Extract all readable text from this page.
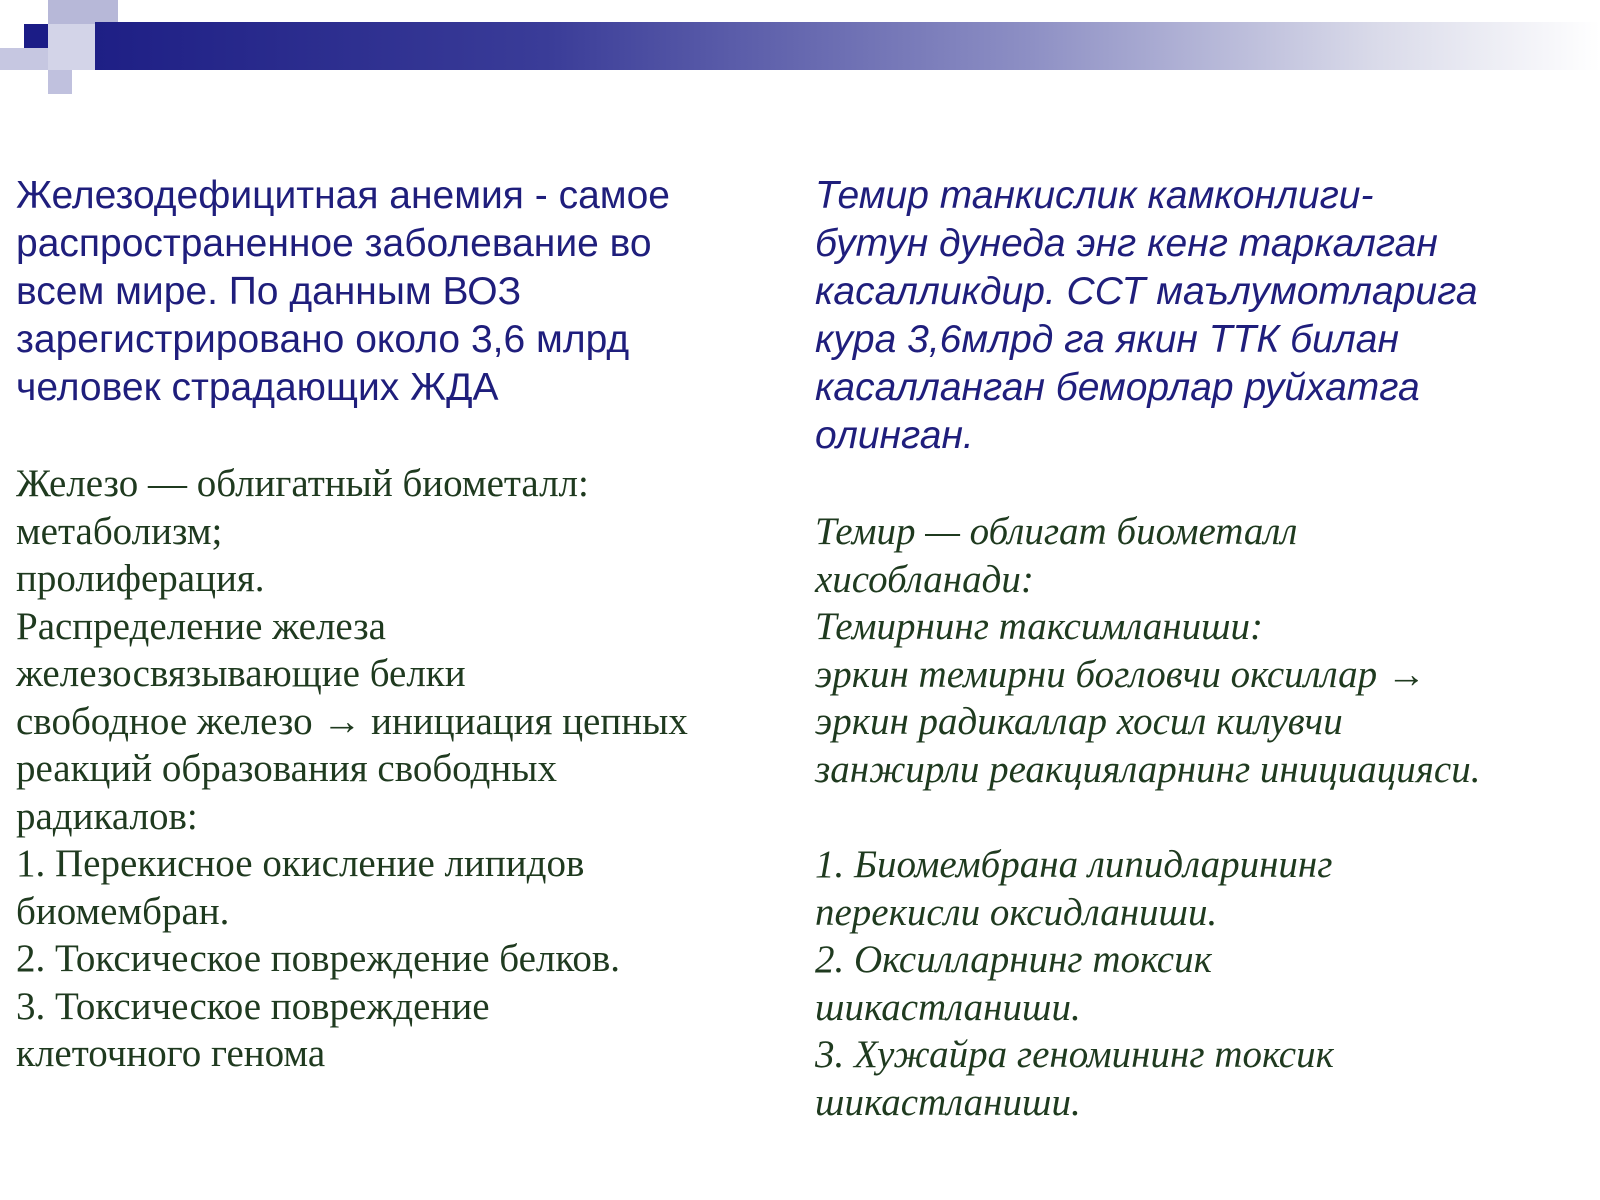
Железодефицитная анемия - самое
распространенное заболевание во
всем мире. По данным ВОЗ
зарегистрировано около 3,6 млрд
человек страдающих ЖДА

Железо — облигатный биометалл:
метаболизм;
пролиферация.
Распределение железа
железосвязывающие белки
свободное железо → инициация цепных
реакций образования свободных
радикалов:
1. Перекисное окисление липидов
биомембран.
2. Токсическое повреждение белков.
3. Токсическое повреждение
клеточного генома

Темир танкислик камконлиги-
бутун дунеда энг кенг таркалган
касалликдир. ССТ маълумотларига
кура 3,6млрд га якин ТТК билан
касалланган беморлар руйхатга
олинган.

Темир — облигат биометалл
хисобланади:
Темирнинг таксимланиши:
эркин темирни богловчи оксиллар →
эркин радикаллар хосил килувчи
занжирли реакцияларнинг инициацияси.

1. Биомембрана липидларининг
перекисли оксидланиши.
2. Оксилларнинг токсик
шикастланиши.
3. Хужайра геномининг токсик
шикастланиши.
